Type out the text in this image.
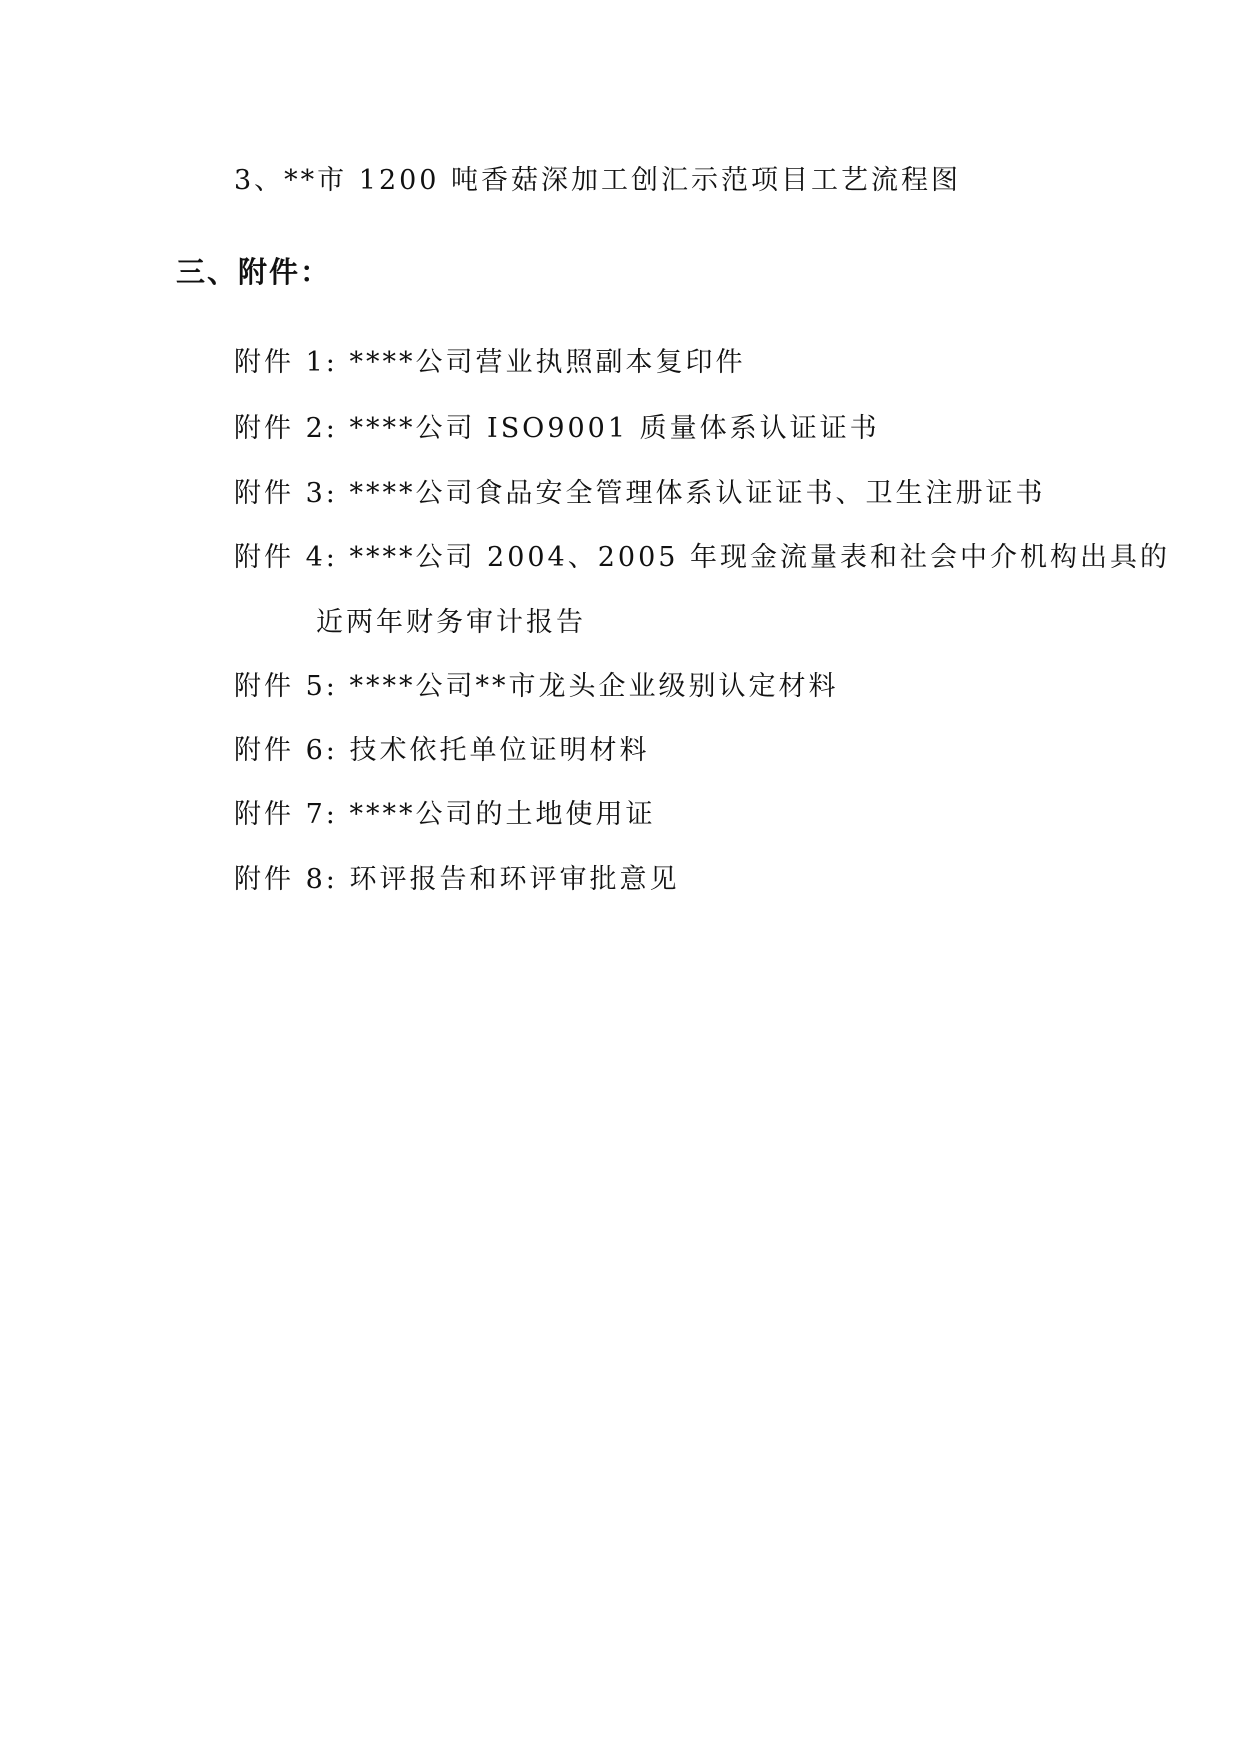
3、**市 1200 吨香菇深加工创汇示范项目工艺流程图
三、附件：
附件 1: ****公司营业执照副本复印件
附件 2: ****公司 ISO9001 质量体系认证证书
附件 3: ****公司食品安全管理体系认证证书、卫生注册证书
附件 4: ****公司 2004、2005 年现金流量表和社会中介机构出具的
近两年财务审计报告
附件 5: ****公司**市龙头企业级别认定材料
附件 6: 技术依托单位证明材料
附件 7: ****公司的土地使用证
附件 8: 环评报告和环评审批意见
